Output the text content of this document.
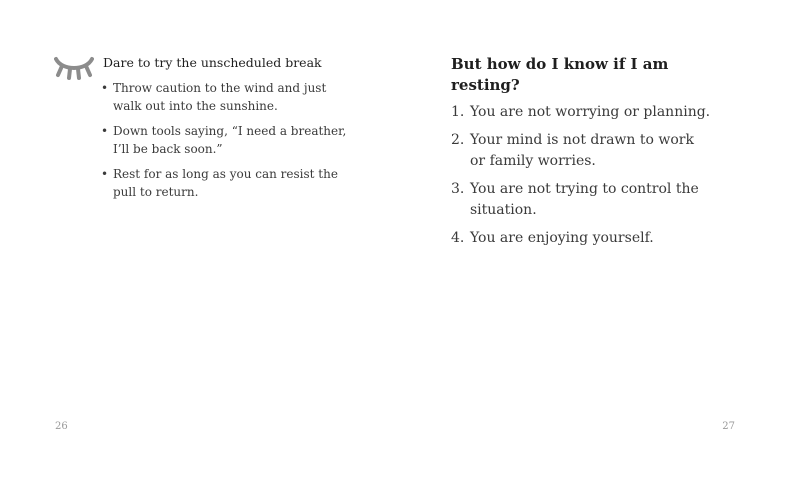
Dare to try the unscheduled break
• Throw caution to the wind and just walk out into the sunshine.
• Down tools saying, “I need a breather, I’ll be back soon.”
• Rest for as long as you can resist the pull to return.
26
But how do I know if I am resting?
1. You are not worrying or planning.
2. Your mind is not drawn to work or family worries.
3. You are not trying to control the situation.
4. You are enjoying yourself.
27
